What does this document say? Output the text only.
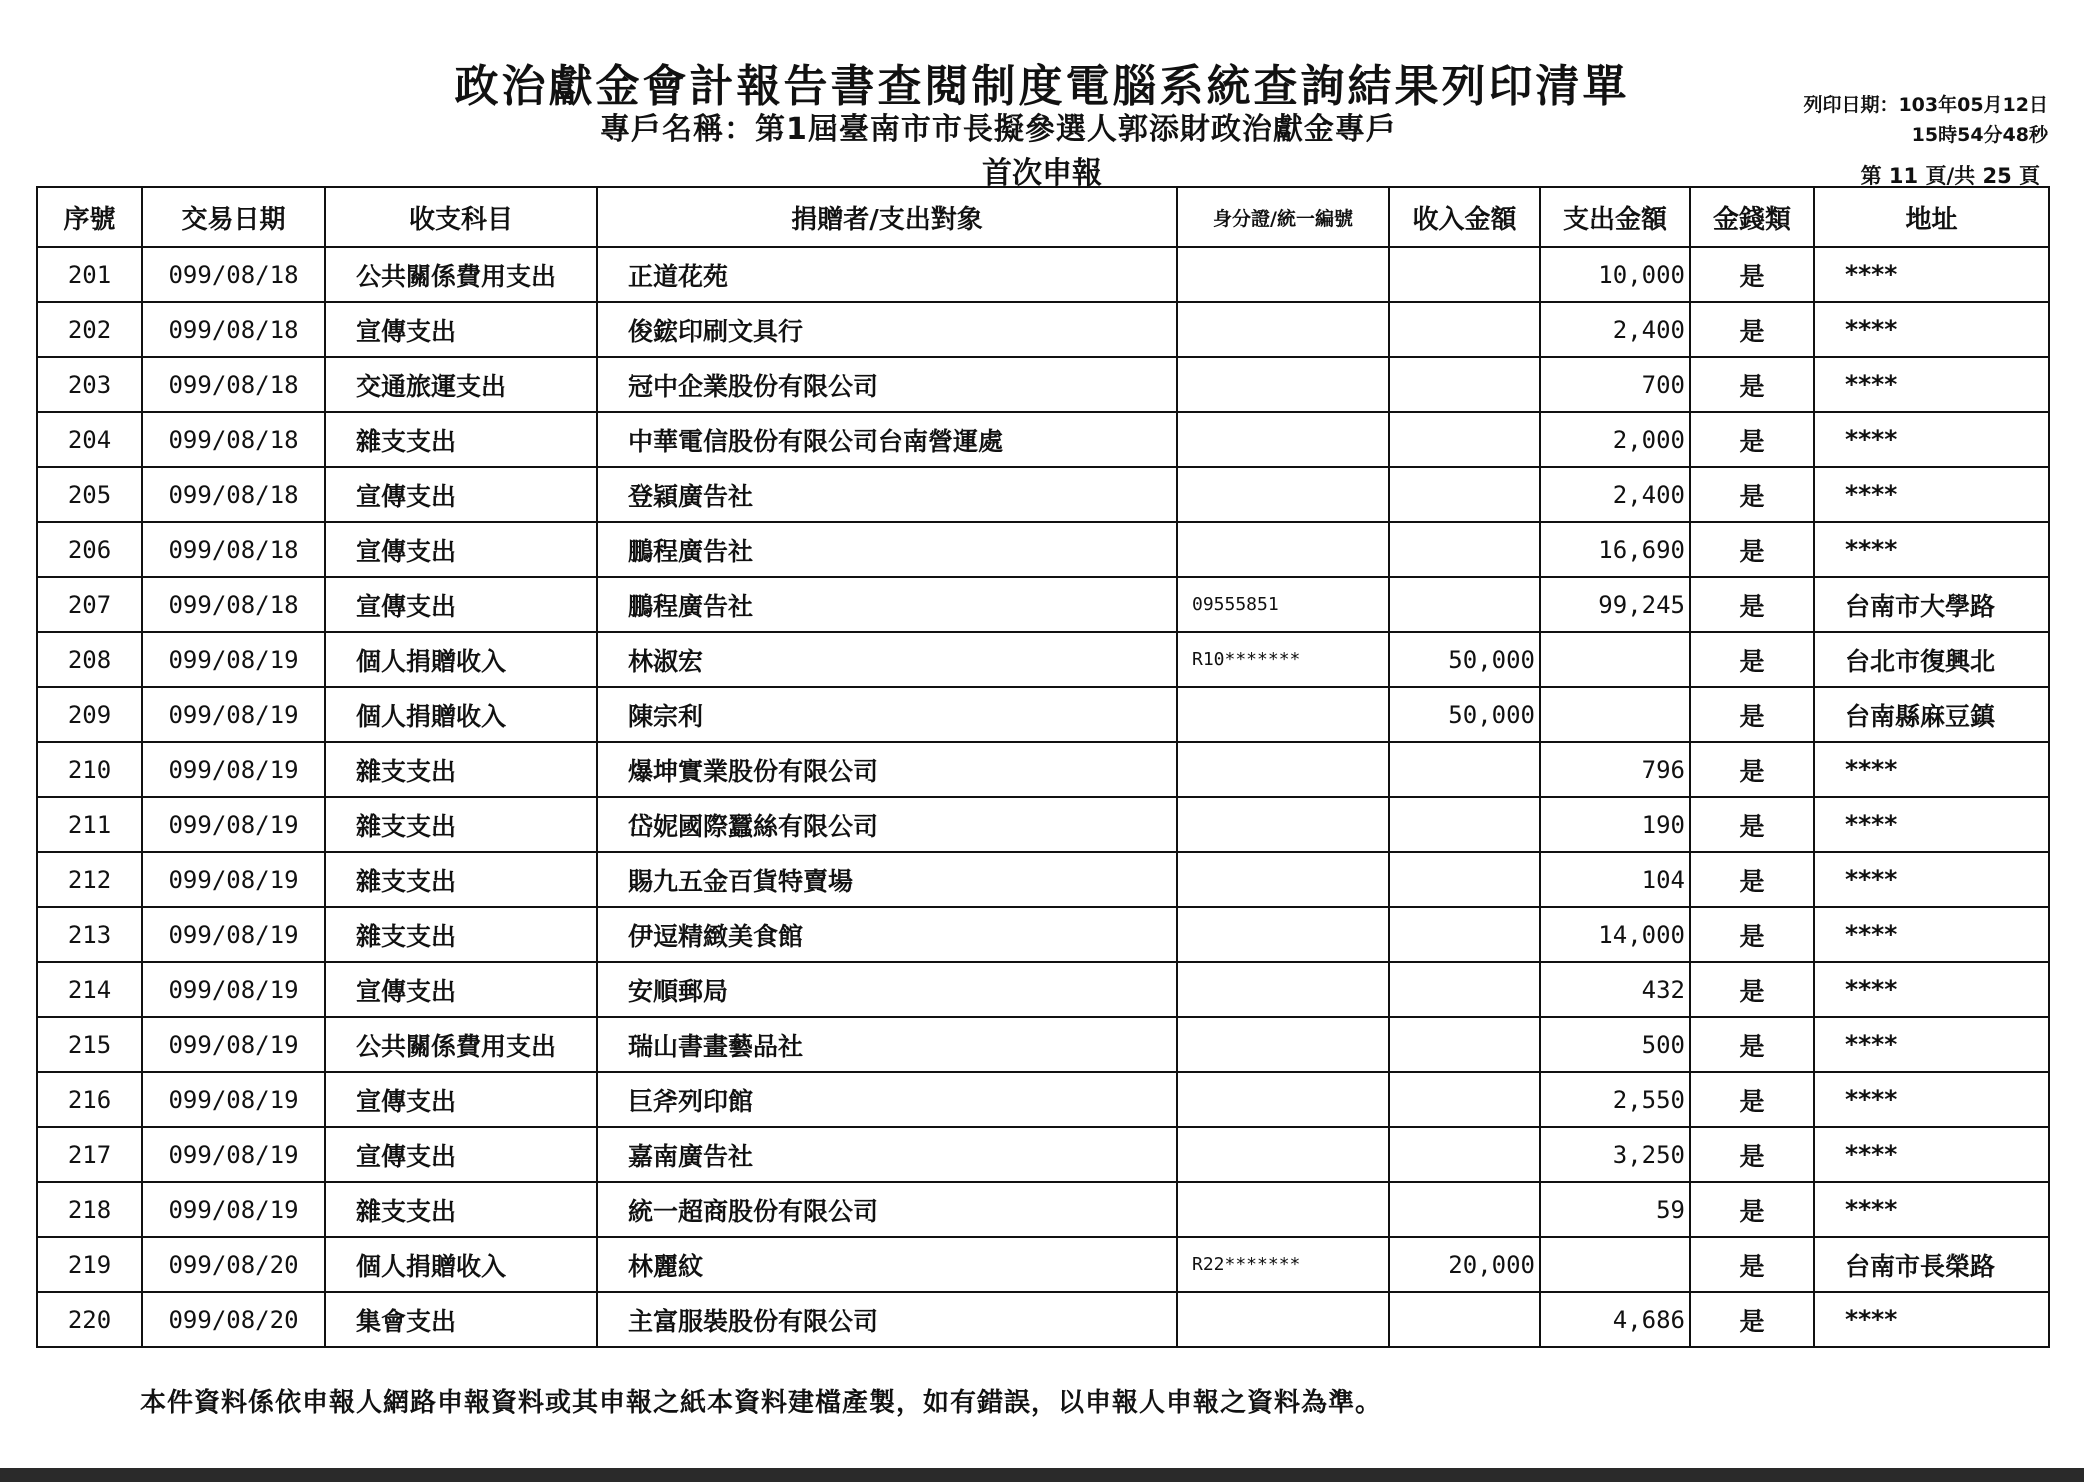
政治獻金會計報告書查閱制度電腦系統查詢結果列印清單
專戶名稱：第1屆臺南市市長擬參選人郭添財政治獻金專戶
首次申報
列印日期：103年05月12日
15時54分48秒
第 11 頁/共 25 頁
序號	交易日期	收支科目	捐贈者/支出對象	身分證/統一編號	收入金額	支出金額	金錢類	地址
201	099/08/18	公共關係費用支出	正道花苑			10,000	是	****
202	099/08/18	宣傳支出	俊鋐印刷文具行			2,400	是	****
203	099/08/18	交通旅運支出	冠中企業股份有限公司			700	是	****
204	099/08/18	雜支支出	中華電信股份有限公司台南營運處			2,000	是	****
205	099/08/18	宣傳支出	登穎廣告社			2,400	是	****
206	099/08/18	宣傳支出	鵬程廣告社			16,690	是	****
207	099/08/18	宣傳支出	鵬程廣告社	09555851		99,245	是	台南市大學路
208	099/08/19	個人捐贈收入	林淑宏	R10*******	50,000		是	台北市復興北
209	099/08/19	個人捐贈收入	陳宗利		50,000		是	台南縣麻豆鎮
210	099/08/19	雜支支出	爆坤實業股份有限公司			796	是	****
211	099/08/19	雜支支出	岱妮國際蠶絲有限公司			190	是	****
212	099/08/19	雜支支出	賜九五金百貨特賣場			104	是	****
213	099/08/19	雜支支出	伊逗精緻美食館			14,000	是	****
214	099/08/19	宣傳支出	安順郵局			432	是	****
215	099/08/19	公共關係費用支出	瑞山書畫藝品社			500	是	****
216	099/08/19	宣傳支出	巨斧列印館			2,550	是	****
217	099/08/19	宣傳支出	嘉南廣告社			3,250	是	****
218	099/08/19	雜支支出	統一超商股份有限公司			59	是	****
219	099/08/20	個人捐贈收入	林麗紋	R22*******	20,000		是	台南市長榮路
220	099/08/20	集會支出	主富服裝股份有限公司			4,686	是	****
本件資料係依申報人網路申報資料或其申報之紙本資料建檔產製，如有錯誤，以申報人申報之資料為準。
